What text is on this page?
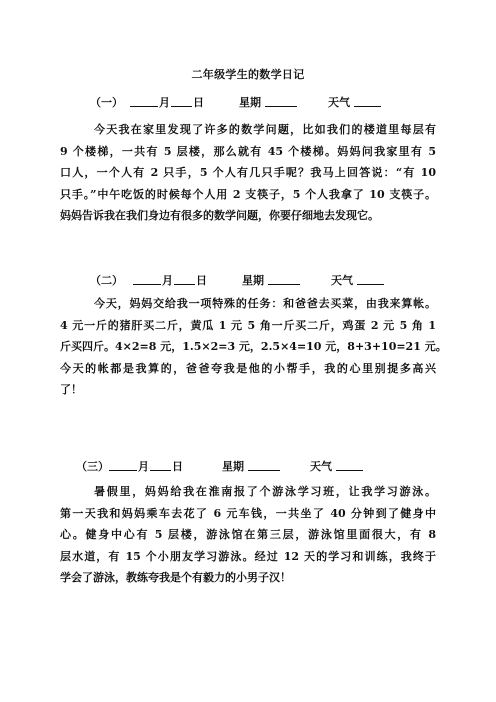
二年级学生的数学日记
（一）	月 日	星期	天气
今天我在家里发现了许多的数学问题，比如我们的楼道里每层有
9 个楼梯，一共有 5 层楼，那么就有 45 个楼梯。妈妈问我家里有 5
口人，一个人有 2 只手，5 个人有几只手呢？我马上回答说：“有 10
只手。”中午吃饭的时候每个人用 2 支筷子，5 个人我拿了 10 支筷子。
妈妈告诉我在我们身边有很多的数学问题，你要仔细地去发现它。
（二）	月 日	星期	天气
今天，妈妈交给我一项特殊的任务：和爸爸去买菜，由我来算帐。
4 元一斤的猪肝买二斤，黄瓜 1 元 5 角一斤买二斤，鸡蛋 2 元 5 角 1
斤买四斤。4×2=8 元，1.5×2=3 元，2.5×4=10 元，8+3+10=21 元。
今天的帐都是我算的，爸爸夸我是他的小帮手，我的心里别提多高兴
了！
（三）	月 日	星期	天气
暑假里，妈妈给我在淮南报了个游泳学习班，让我学习游泳。
第一天我和妈妈乘车去花了 6 元车钱，一共坐了 40 分钟到了健身中
心。健身中心有 5 层楼，游泳馆在第三层，游泳馆里面很大，有 8
层水道，有 15 个小朋友学习游泳。经过 12 天的学习和训练，我终于
学会了游泳，教练夸我是个有毅力的小男子汉！
